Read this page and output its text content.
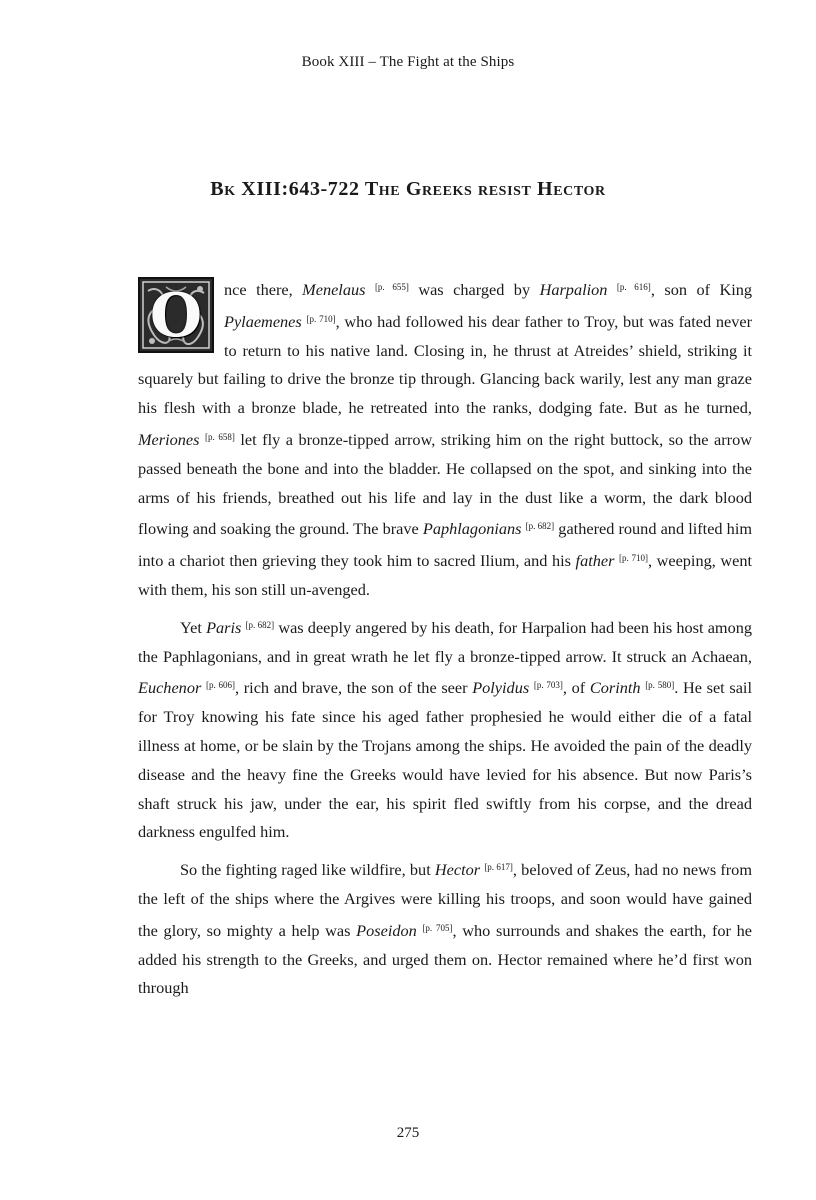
Book XIII – The Fight at the Ships
Bk XIII:643-722 The Greeks resist Hector

O	nce there, Menelaus [p. 655] was charged by Harpalion [p. 616], son of King Pylaemenes [p. 710], who had followed his dear father to Troy, but was fated never to return to his native land. Closing in, he thrust at Atreides’ shield, striking it squarely but failing to drive the bronze tip through. Glancing back warily, lest any man graze his flesh with a bronze blade, he retreated into the ranks, dodging fate. But as he turned, Meriones [p. 658] let fly a bronze-tipped arrow, striking him on the right buttock, so the arrow passed beneath the bone and into the bladder. He collapsed on the spot, and sinking into the arms of his friends, breathed out his life and lay in the dust like a worm, the dark blood flowing and soaking the ground. The brave Paphlagonians [p. 682] gathered round and lifted him into a chariot then grieving they took him to sacred Ilium, and his father [p. 710], weeping, went with them, his son still un-avenged.

Yet Paris [p. 682] was deeply angered by his death, for Harpalion had been his host among the Paphlagonians, and in great wrath he let fly a bronze-tipped arrow. It struck an Achaean, Euchenor [p. 606], rich and brave, the son of the seer Polyidus [p. 703], of Corinth [p. 580]. He set sail for Troy knowing his fate since his aged father prophesied he would either die of a fatal illness at home, or be slain by the Trojans among the ships. He avoided the pain of the deadly disease and the heavy fine the Greeks would have levied for his absence. But now Paris’s shaft struck his jaw, under the ear, his spirit fled swiftly from his corpse, and the dread darkness engulfed him.

So the fighting raged like wildfire, but Hector [p. 617], beloved of Zeus, had no news from the left of the ships where the Argives were killing his troops, and soon would have gained the glory, so mighty a help was Poseidon [p. 705], who surrounds and shakes the earth, for he added his strength to the Greeks, and urged them on. Hector remained where he’d first won through

275
